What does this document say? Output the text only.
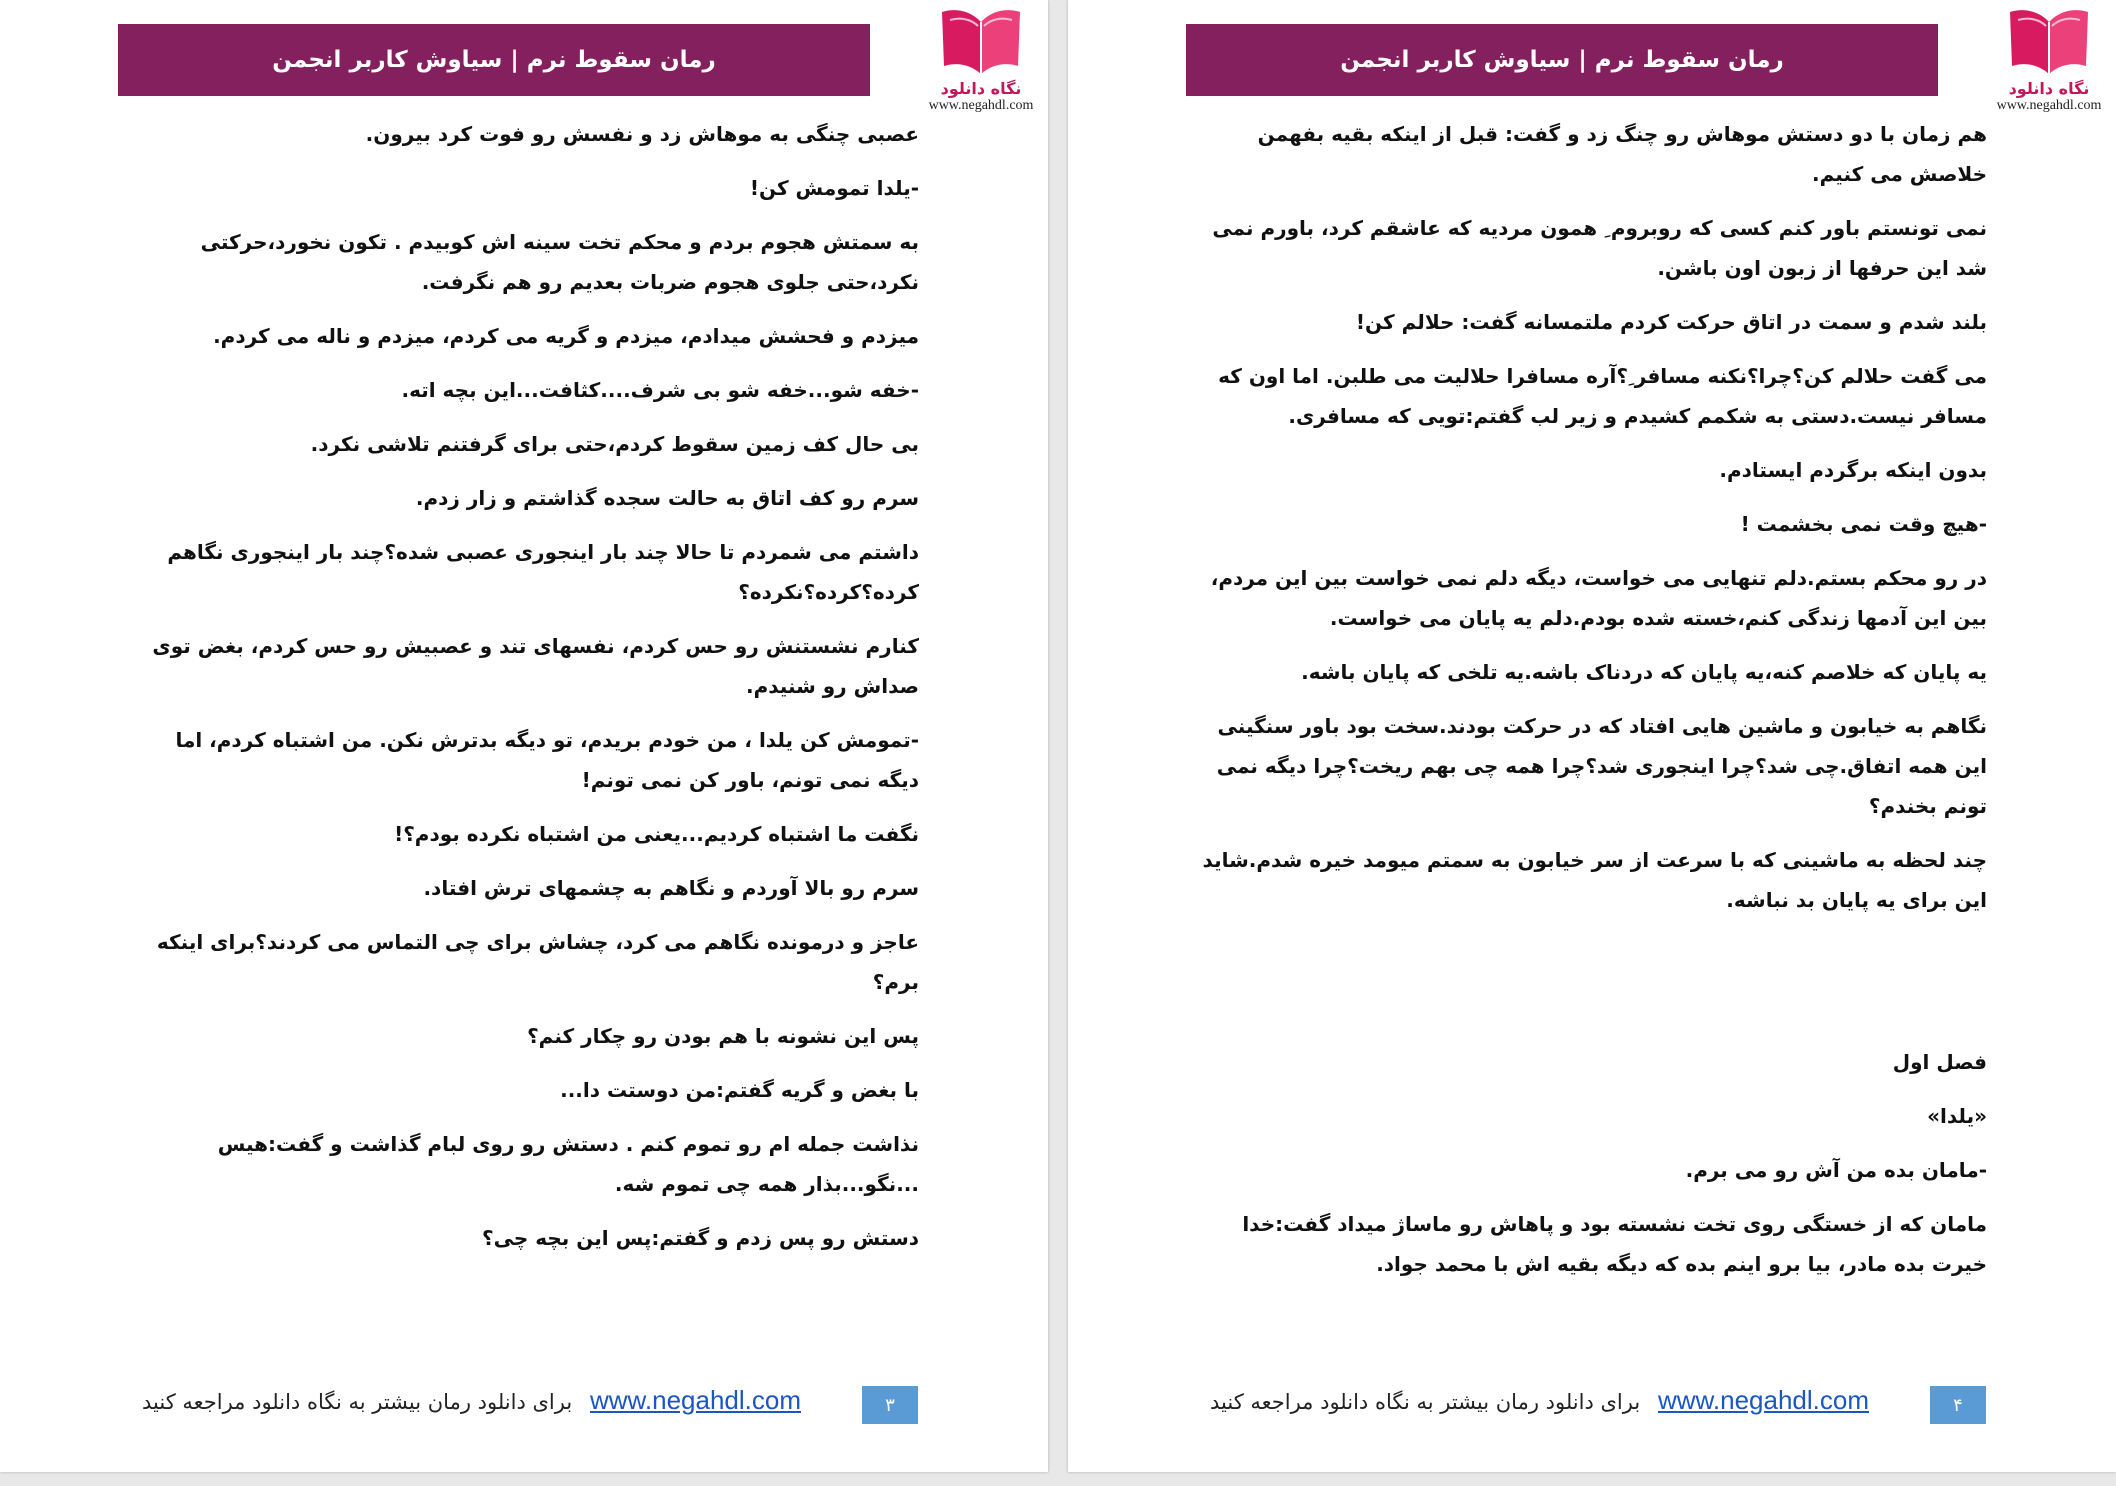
رمان سقوط نرم | سیاوش کاربر انجمن
نگاه دانلود
www.negahdl.com

عصبی چنگی به موهاش زد و نفسش رو فوت کرد بیرون.

-یلدا تمومش کن!

به سمتش هجوم بردم و محکم تخت سینه اش کوبیدم . تکون نخورد،حرکتی نکرد،حتی جلوی هجوم ضربات بعدیم رو هم نگرفت.

میزدم و فحشش میدادم، میزدم و گریه می کردم، میزدم و ناله می کردم.

-خفه شو...خفه شو بی شرف....کثافت...این بچه اته.

بی حال کف زمین سقوط کردم،حتی برای گرفتنم تلاشی نکرد.

سرم رو کف اتاق به حالت سجده گذاشتم و زار زدم.

داشتم می شمردم تا حالا چند بار اینجوری عصبی شده؟چند بار اینجوری نگاهم کرده؟کرده؟نکرده؟

کنارم نشستنش رو حس کردم، نفسهای تند و عصبیش رو حس کردم، بغض توی صداش رو شنیدم.

-تمومش کن یلدا ، من خودم بریدم، تو دیگه بدترش نکن. من اشتباه کردم، اما دیگه نمی تونم، باور کن نمی تونم!

نگفت ما اشتباه کردیم...یعنی من اشتباه نکرده بودم؟!

سرم رو بالا آوردم و نگاهم به چشمهای ترش افتاد.

عاجز و درمونده نگاهم می کرد، چشاش برای چی التماس می کردند؟برای اینکه برم؟

پس این نشونه با هم بودن رو چکار کنم؟

با بغض و گریه گفتم:من دوستت دا...

نذاشت جمله ام رو تموم کنم . دستش رو روی لبام گذاشت و گفت:هیس ...نگو...بذار همه چی تموم شه.

دستش رو پس زدم و گفتم:پس این بچه چی؟

برای دانلود رمان بیشتر به نگاه دانلود مراجعه کنید www.negahdl.com	۳
رمان سقوط نرم | سیاوش کاربر انجمن
نگاه دانلود
www.negahdl.com

هم زمان با دو دستش موهاش رو چنگ زد و گفت: قبل از اینکه بقیه بفهمن خلاصش می کنیم.

نمی تونستم باور کنم کسی که روبروم ِ همون مردیه که عاشقم کرد، باورم نمی شد این حرفها از زبون اون باشن.

بلند شدم و سمت در اتاق حرکت کردم ملتمسانه گفت: حلالم کن!

می گفت حلالم کن؟چرا؟نکنه مسافر ِ؟آره مسافرا حلالیت می طلبن. اما اون که مسافر نیست.دستی به شکمم کشیدم و زیر لب گفتم:تویی که مسافری.

بدون اینکه برگردم ایستادم.

-هیچ وقت نمی بخشمت !

در رو محکم بستم.دلم تنهایی می خواست، دیگه دلم نمی خواست بین این مردم، بین این آدمها زندگی کنم،خسته شده بودم.دلم یه پایان می خواست.

یه پایان که خلاصم کنه،یه پایان که دردناک باشه.یه تلخی که پایان باشه.

نگاهم به خیابون و ماشین هایی افتاد که در حرکت بودند.سخت بود باور سنگینی این همه اتفاق.چی شد؟چرا اینجوری شد؟چرا همه چی بهم ریخت؟چرا دیگه نمی تونم بخندم؟

چند لحظه به ماشینی که با سرعت از سر خیابون به سمتم میومد خیره شدم.شاید این برای یه پایان بد نباشه.

فصل اول

«یلدا»

-مامان بده من آش رو می برم.

مامان که از خستگی روی تخت نشسته بود و پاهاش رو ماساژ میداد گفت:خدا خیرت بده مادر، بیا برو اینم بده که دیگه بقیه اش با محمد جواد.

برای دانلود رمان بیشتر به نگاه دانلود مراجعه کنید www.negahdl.com	۴
